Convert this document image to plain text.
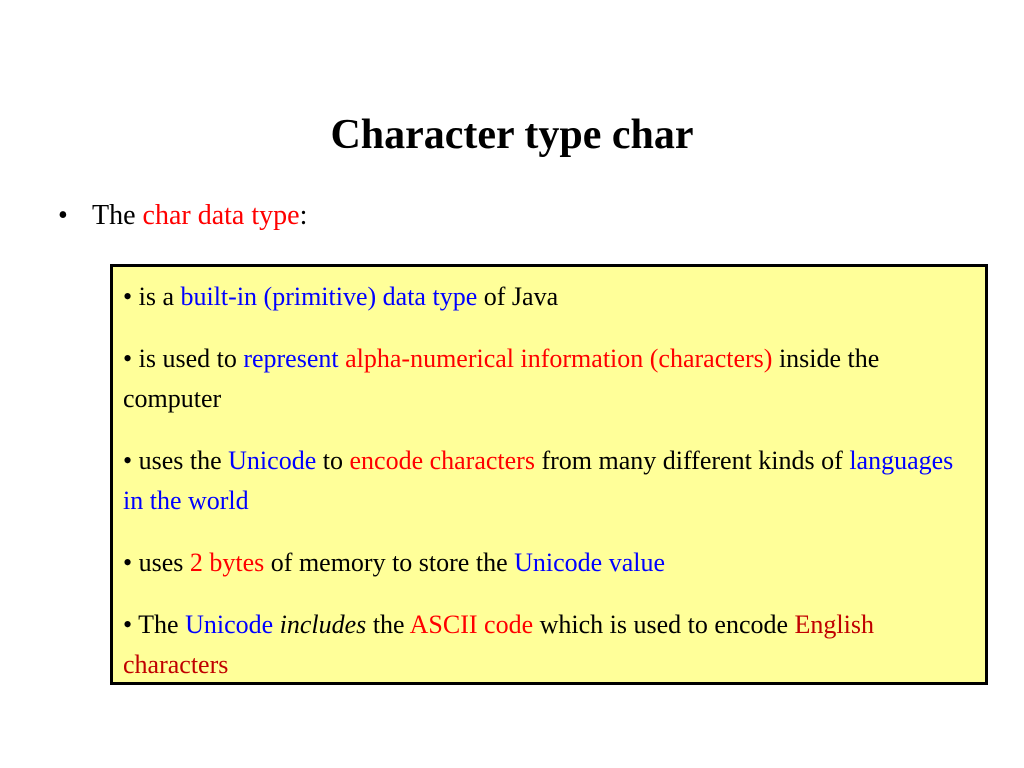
Character type char
• The char data type:
• is a built-in (primitive) data type of Java
• is used to represent alpha-numerical information (characters) inside the computer
• uses the Unicode to encode characters from many different kinds of languages in the world
• uses 2 bytes of memory to store the Unicode value
• The Unicode includes the ASCII code which is used to encode English characters
